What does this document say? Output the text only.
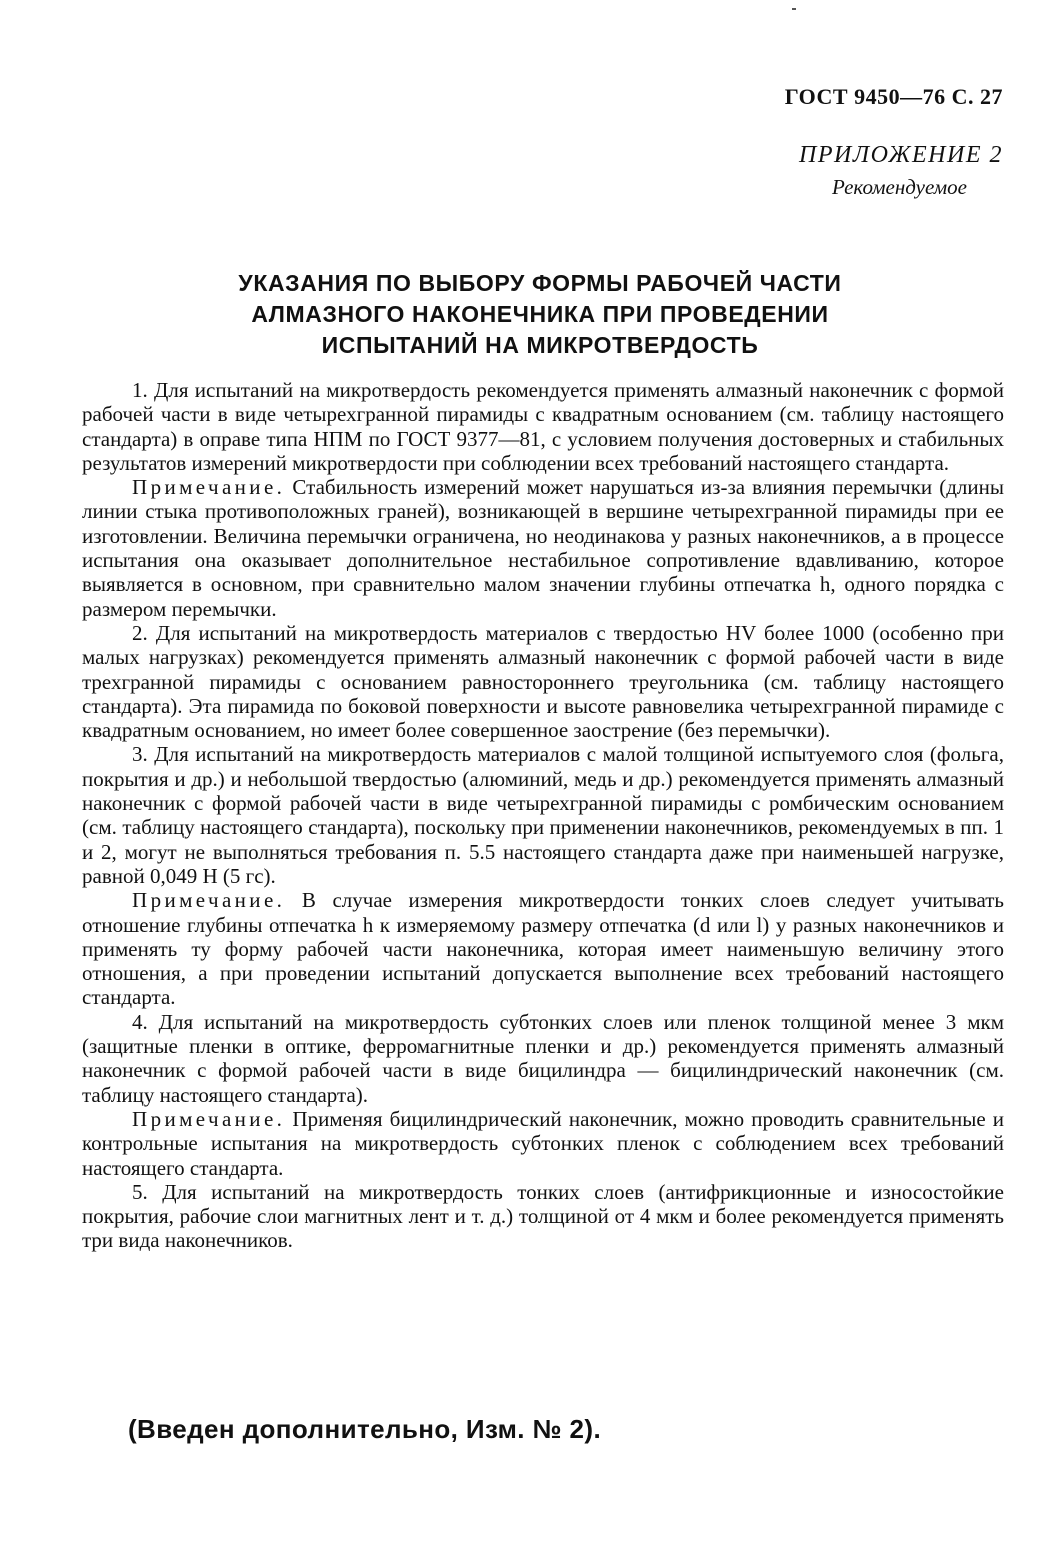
ГОСТ 9450—76 С. 27
ПРИЛОЖЕНИЕ 2
Рекомендуемое
УКАЗАНИЯ ПО ВЫБОРУ ФОРМЫ РАБОЧЕЙ ЧАСТИ
АЛМАЗНОГО НАКОНЕЧНИКА ПРИ ПРОВЕДЕНИИ
ИСПЫТАНИЙ НА МИКРОТВЕРДОСТЬ

1. Для испытаний на микротвердость рекомендуется применять алмазный наконечник с формой рабочей части в виде четырехгранной пирамиды с квадратным основанием (см. таблицу настоящего стандарта) в оправе типа НПМ по ГОСТ 9377—81, с условием получения достоверных и стабильных результатов измерений микротвердости при соблюдении всех требований настоящего стандарта.

Примечание. Стабильность измерений может нарушаться из-за влияния перемычки (длины линии стыка противоположных граней), возникающей в вершине четырехгранной пирамиды при ее изготовлении. Величина перемычки ограничена, но неодинакова у разных наконечников, а в процессе испытания она оказывает дополнительное нестабильное сопротивление вдавливанию, которое выявляется в основном, при сравнительно малом значении глубины отпечатка h, одного порядка с размером перемычки.

2. Для испытаний на микротвердость материалов с твердостью HV более 1000 (особенно при малых нагрузках) рекомендуется применять алмазный наконечник с формой рабочей части в виде трехгранной пирамиды с основанием равностороннего треугольника (см. таблицу настоящего стандарта). Эта пирамида по боковой поверхности и высоте равновелика четырехгранной пирамиде с квадратным основанием, но имеет более совершенное заострение (без перемычки).

3. Для испытаний на микротвердость материалов с малой толщиной испытуемого слоя (фольга, покрытия и др.) и небольшой твердостью (алюминий, медь и др.) рекомендуется применять алмазный наконечник с формой рабочей части в виде четырехгранной пирамиды с ромбическим основанием (см. таблицу настоящего стандарта), поскольку при применении наконечников, рекомендуемых в пп. 1 и 2, могут не выполняться требования п. 5.5 настоящего стандарта даже при наименьшей нагрузке, равной 0,049 Н (5 гс).

Примечание. В случае измерения микротвердости тонких слоев следует учитывать отношение глубины отпечатка h к измеряемому размеру отпечатка (d или l) у разных наконечников и применять ту форму рабочей части наконечника, которая имеет наименьшую величину этого отношения, а при проведении испытаний допускается выполнение всех требований настоящего стандарта.

4. Для испытаний на микротвердость субтонких слоев или пленок толщиной менее 3 мкм (защитные пленки в оптике, ферромагнитные пленки и др.) рекомендуется применять алмазный наконечник с формой рабочей части в виде бицилиндра — бицилиндрический наконечник (см. таблицу настоящего стандарта).

Примечание. Применяя бицилиндрический наконечник, можно проводить сравнительные и контрольные испытания на микротвердость субтонких пленок с соблюдением всех требований настоящего стандарта.

5. Для испытаний на микротвердость тонких слоев (антифрикционные и износостойкие покрытия, рабочие слои магнитных лент и т. д.) толщиной от 4 мкм и более рекомендуется применять три вида наконечников.

(Введен дополнительно, Изм. № 2).
